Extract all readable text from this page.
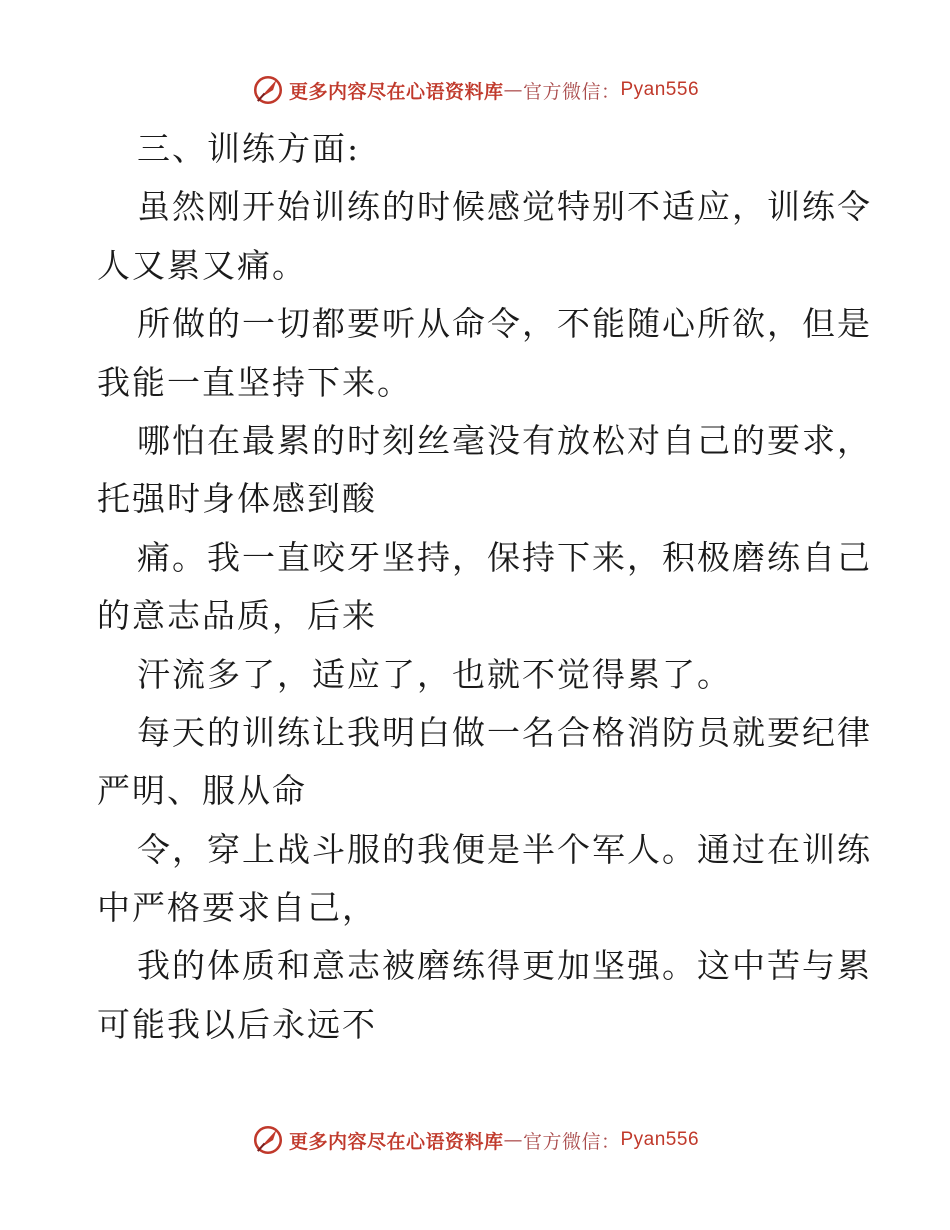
更多内容尽在心语资料库 — 官方微信： Pyan556
三、训练方面:
虽然刚开始训练的时候感觉特别不适应，训练令
人又累又痛。
所做的一切都要听从命令，不能随心所欲，但是
我能一直坚持下来。
哪怕在最累的时刻丝毫没有放松对自己的要求，
托强时身体感到酸
痛。我一直咬牙坚持，保持下来，积极磨练自己
的意志品质，后来
汗流多了，适应了，也就不觉得累了。
每天的训练让我明白做一名合格消防员就要纪律
严明、服从命
令，穿上战斗服的我便是半个军人。通过在训练
中严格要求自己，
我的体质和意志被磨练得更加坚强。这中苦与累
可能我以后永远不
更多内容尽在心语资料库 — 官方微信： Pyan556
